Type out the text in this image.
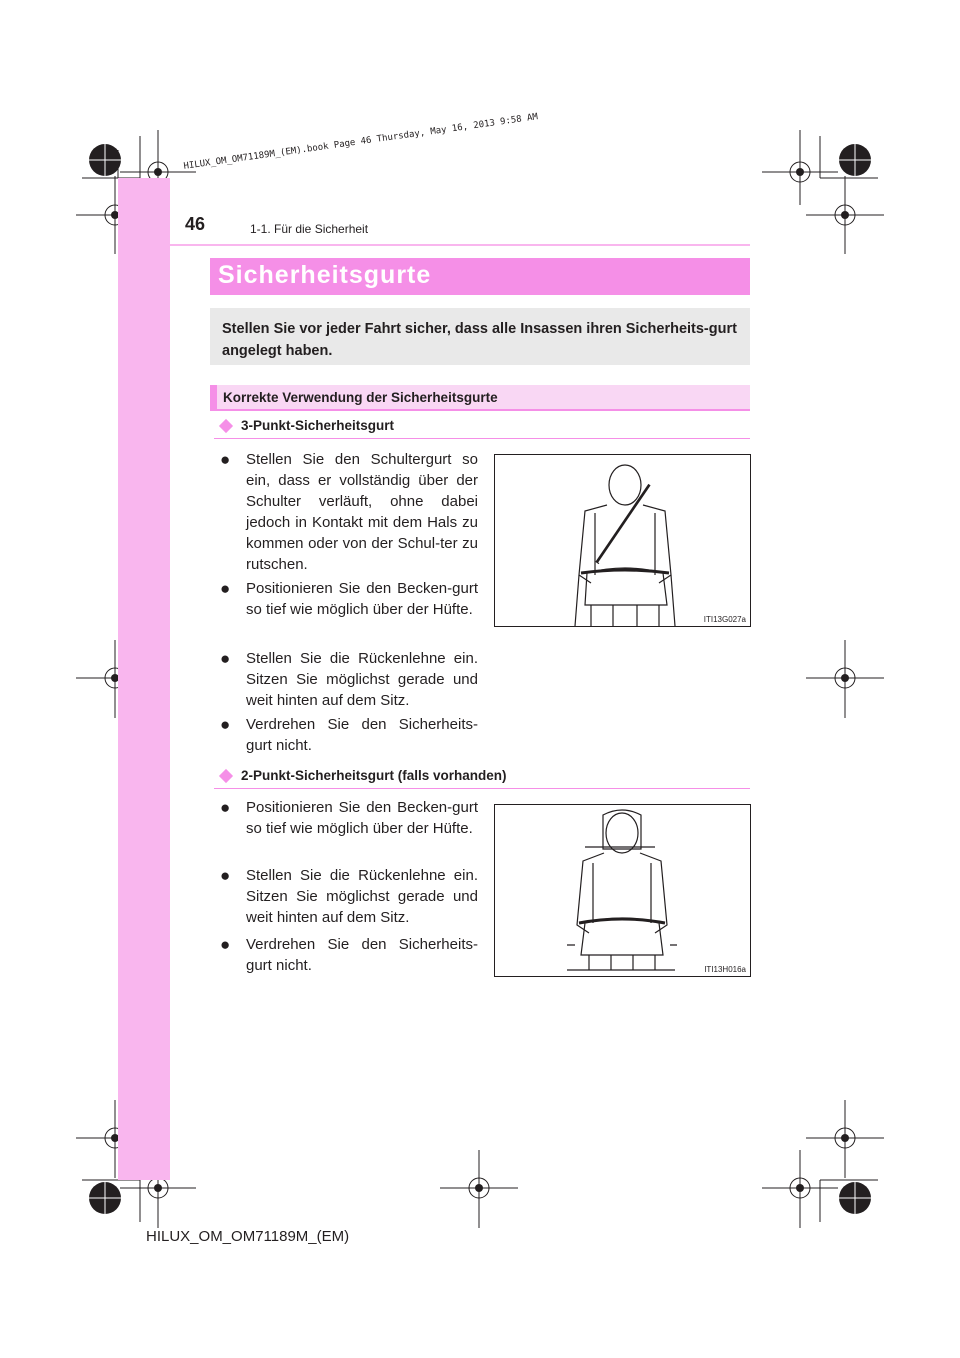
HILUX_OM_OM71189M_(EM).book Page 46 Thursday, May 16, 2013 9:58 AM
46	1-1. Für die Sicherheit
Sicherheitsgurte
Stellen Sie vor jeder Fahrt sicher, dass alle Insassen ihren Sicherheits-gurt angelegt haben.
Korrekte Verwendung der Sicherheitsgurte
3-Punkt-Sicherheitsgurt
● Stellen Sie den Schultergurt so ein, dass er vollständig über der Schulter verläuft, ohne dabei jedoch in Kontakt mit dem Hals zu kommen oder von der Schul-ter zu rutschen.
● Positionieren Sie den Becken-gurt so tief wie möglich über der Hüfte.
● Stellen Sie die Rückenlehne ein. Sitzen Sie möglichst gerade und weit hinten auf dem Sitz.
● Verdrehen Sie den Sicherheits-gurt nicht.
ITI13G027a
2-Punkt-Sicherheitsgurt (falls vorhanden)
● Positionieren Sie den Becken-gurt so tief wie möglich über der Hüfte.
● Stellen Sie die Rückenlehne ein. Sitzen Sie möglichst gerade und weit hinten auf dem Sitz.
● Verdrehen Sie den Sicherheits-gurt nicht.	ITI13H016a
HILUX_OM_OM71189M_(EM)
